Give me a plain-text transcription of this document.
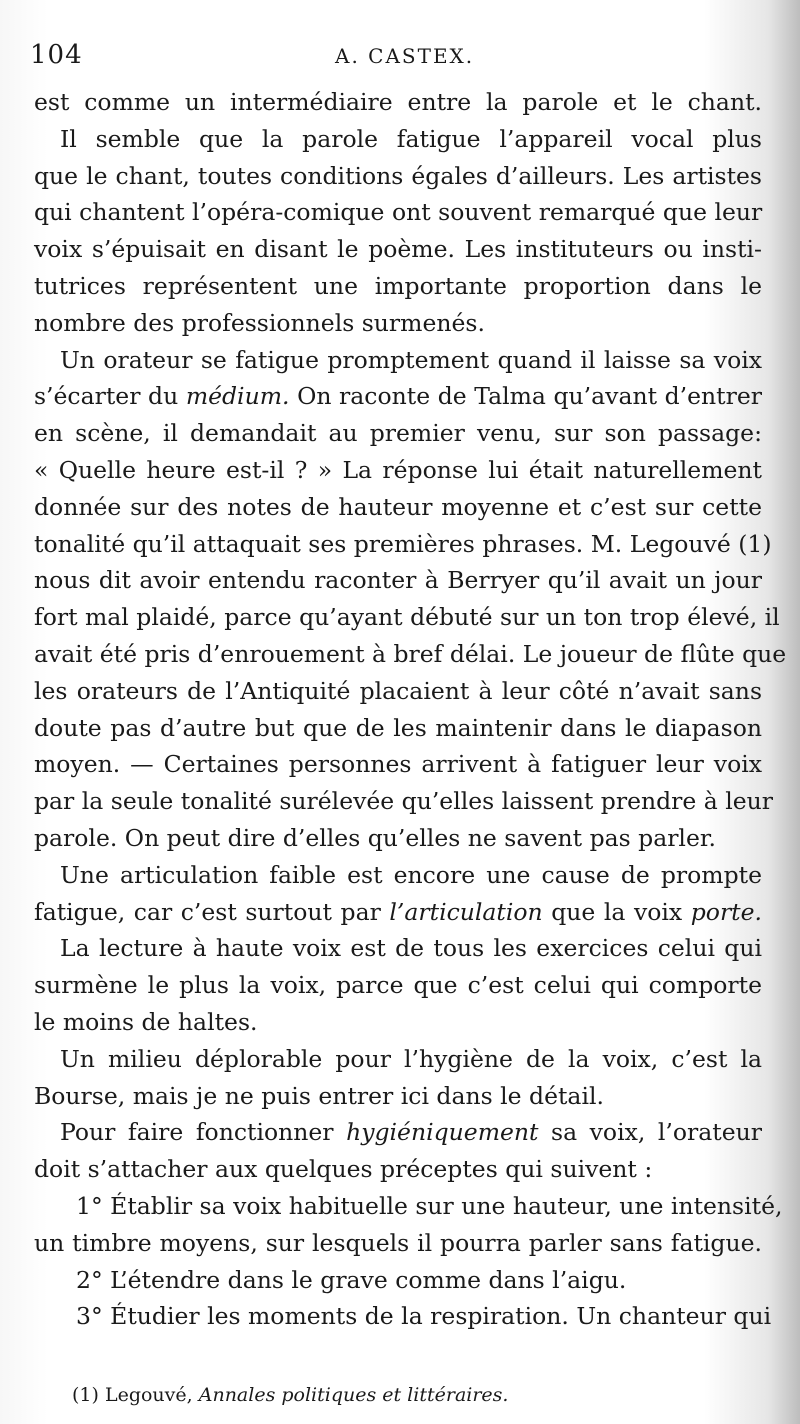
104	A. CASTEX.
est comme un intermédiaire entre la parole et le chant.
Il semble que la parole fatigue l’appareil vocal plus
que le chant, toutes conditions égales d’ailleurs. Les artistes
qui chantent l’opéra-comique ont souvent remarqué que leur
voix s’épuisait en disant le poème. Les instituteurs ou insti-
tutrices représentent une importante proportion dans le
nombre des professionnels surmenés.
Un orateur se fatigue promptement quand il laisse sa voix
s’écarter du médium. On raconte de Talma qu’avant d’entrer
en scène, il demandait au premier venu, sur son passage:
« Quelle heure est-il ? » La réponse lui était naturellement
donnée sur des notes de hauteur moyenne et c’est sur cette
tonalité qu’il attaquait ses premières phrases. M. Legouvé (1)
nous dit avoir entendu raconter à Berryer qu’il avait un jour
fort mal plaidé, parce qu’ayant débuté sur un ton trop élevé, il
avait été pris d’enrouement à bref délai. Le joueur de flûte que
les orateurs de l’Antiquité placaient à leur côté n’avait sans
doute pas d’autre but que de les maintenir dans le diapason
moyen. — Certaines personnes arrivent à fatiguer leur voix
par la seule tonalité surélevée qu’elles laissent prendre à leur
parole. On peut dire d’elles qu’elles ne savent pas parler.
Une articulation faible est encore une cause de prompte
fatigue, car c’est surtout par l’articulation que la voix porte.
La lecture à haute voix est de tous les exercices celui qui
surmène le plus la voix, parce que c’est celui qui comporte
le moins de haltes.
Un milieu déplorable pour l’hygiène de la voix, c’est la
Bourse, mais je ne puis entrer ici dans le détail.
Pour faire fonctionner hygiéniquement sa voix, l’orateur
doit s’attacher aux quelques préceptes qui suivent :
1° Établir sa voix habituelle sur une hauteur, une intensité,
un timbre moyens, sur lesquels il pourra parler sans fatigue.
2° L’étendre dans le grave comme dans l’aigu.
3° Étudier les moments de la respiration. Un chanteur qui
(1) Legouvé, Annales politiques et littéraires.
